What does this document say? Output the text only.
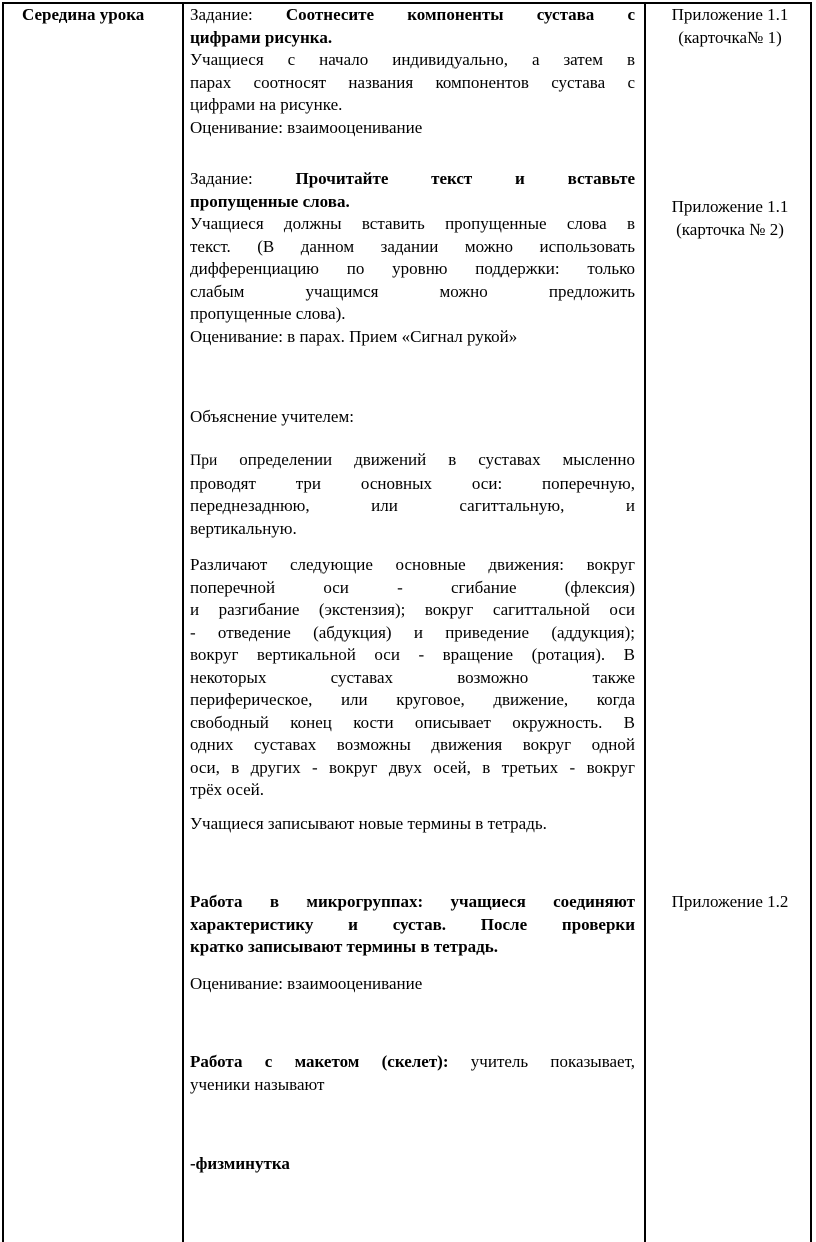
Середина урока	Задание: Соотнесите компоненты сустава с

цифрами рисунка.

Учащиеся с начало индивидуально, а затем в

парах соотносят названия компонентов сустава с

цифрами на рисунке.

Оценивание: взаимооценивание

Задание:	Прочитайте текст и вставьте

пропущенные слова.

Учащиеся должны вставить пропущенные слова в

текст. (В данном задании можно использовать

дифференциацию по уровню поддержки: только

слабым учащимся можно предложить

пропущенные слова).

Оценивание: в парах. Прием «Сигнал рукой»

Объяснение учителем:

При определении движений в суставах мысленно

проводят три основных оси: поперечную,

переднезаднюю, или сагиттальную, и

вертикальную.

Различают следующие основные движения: вокруг

поперечной оси - сгибание (флексия)

и разгибание (экстензия); вокруг сагиттальной оси

- отведение (абдукция) и приведение (аддукция);

вокруг вертикальной оси - вращение (ротация). В

некоторых суставах возможно также

периферическое, или круговое, движение, когда

свободный конец кости описывает окружность. В

одних суставах возможны движения вокруг одной

оси, в других - вокруг двух осей, в третьих - вокруг

трёх осей.

Учащиеся записывают новые термины в тетрадь.

Работа в микрогруппах: учащиеся соединяют

характеристику и сустав. После проверки

кратко записывают термины в тетрадь.

Оценивание: взаимооценивание

Работа с макетом (скелет): учитель показывает,

ученики называют

-физминутка

Приложение 1.1
(карточка№ 1)
Приложение 1.1
(карточка № 2)
Приложение 1.2
